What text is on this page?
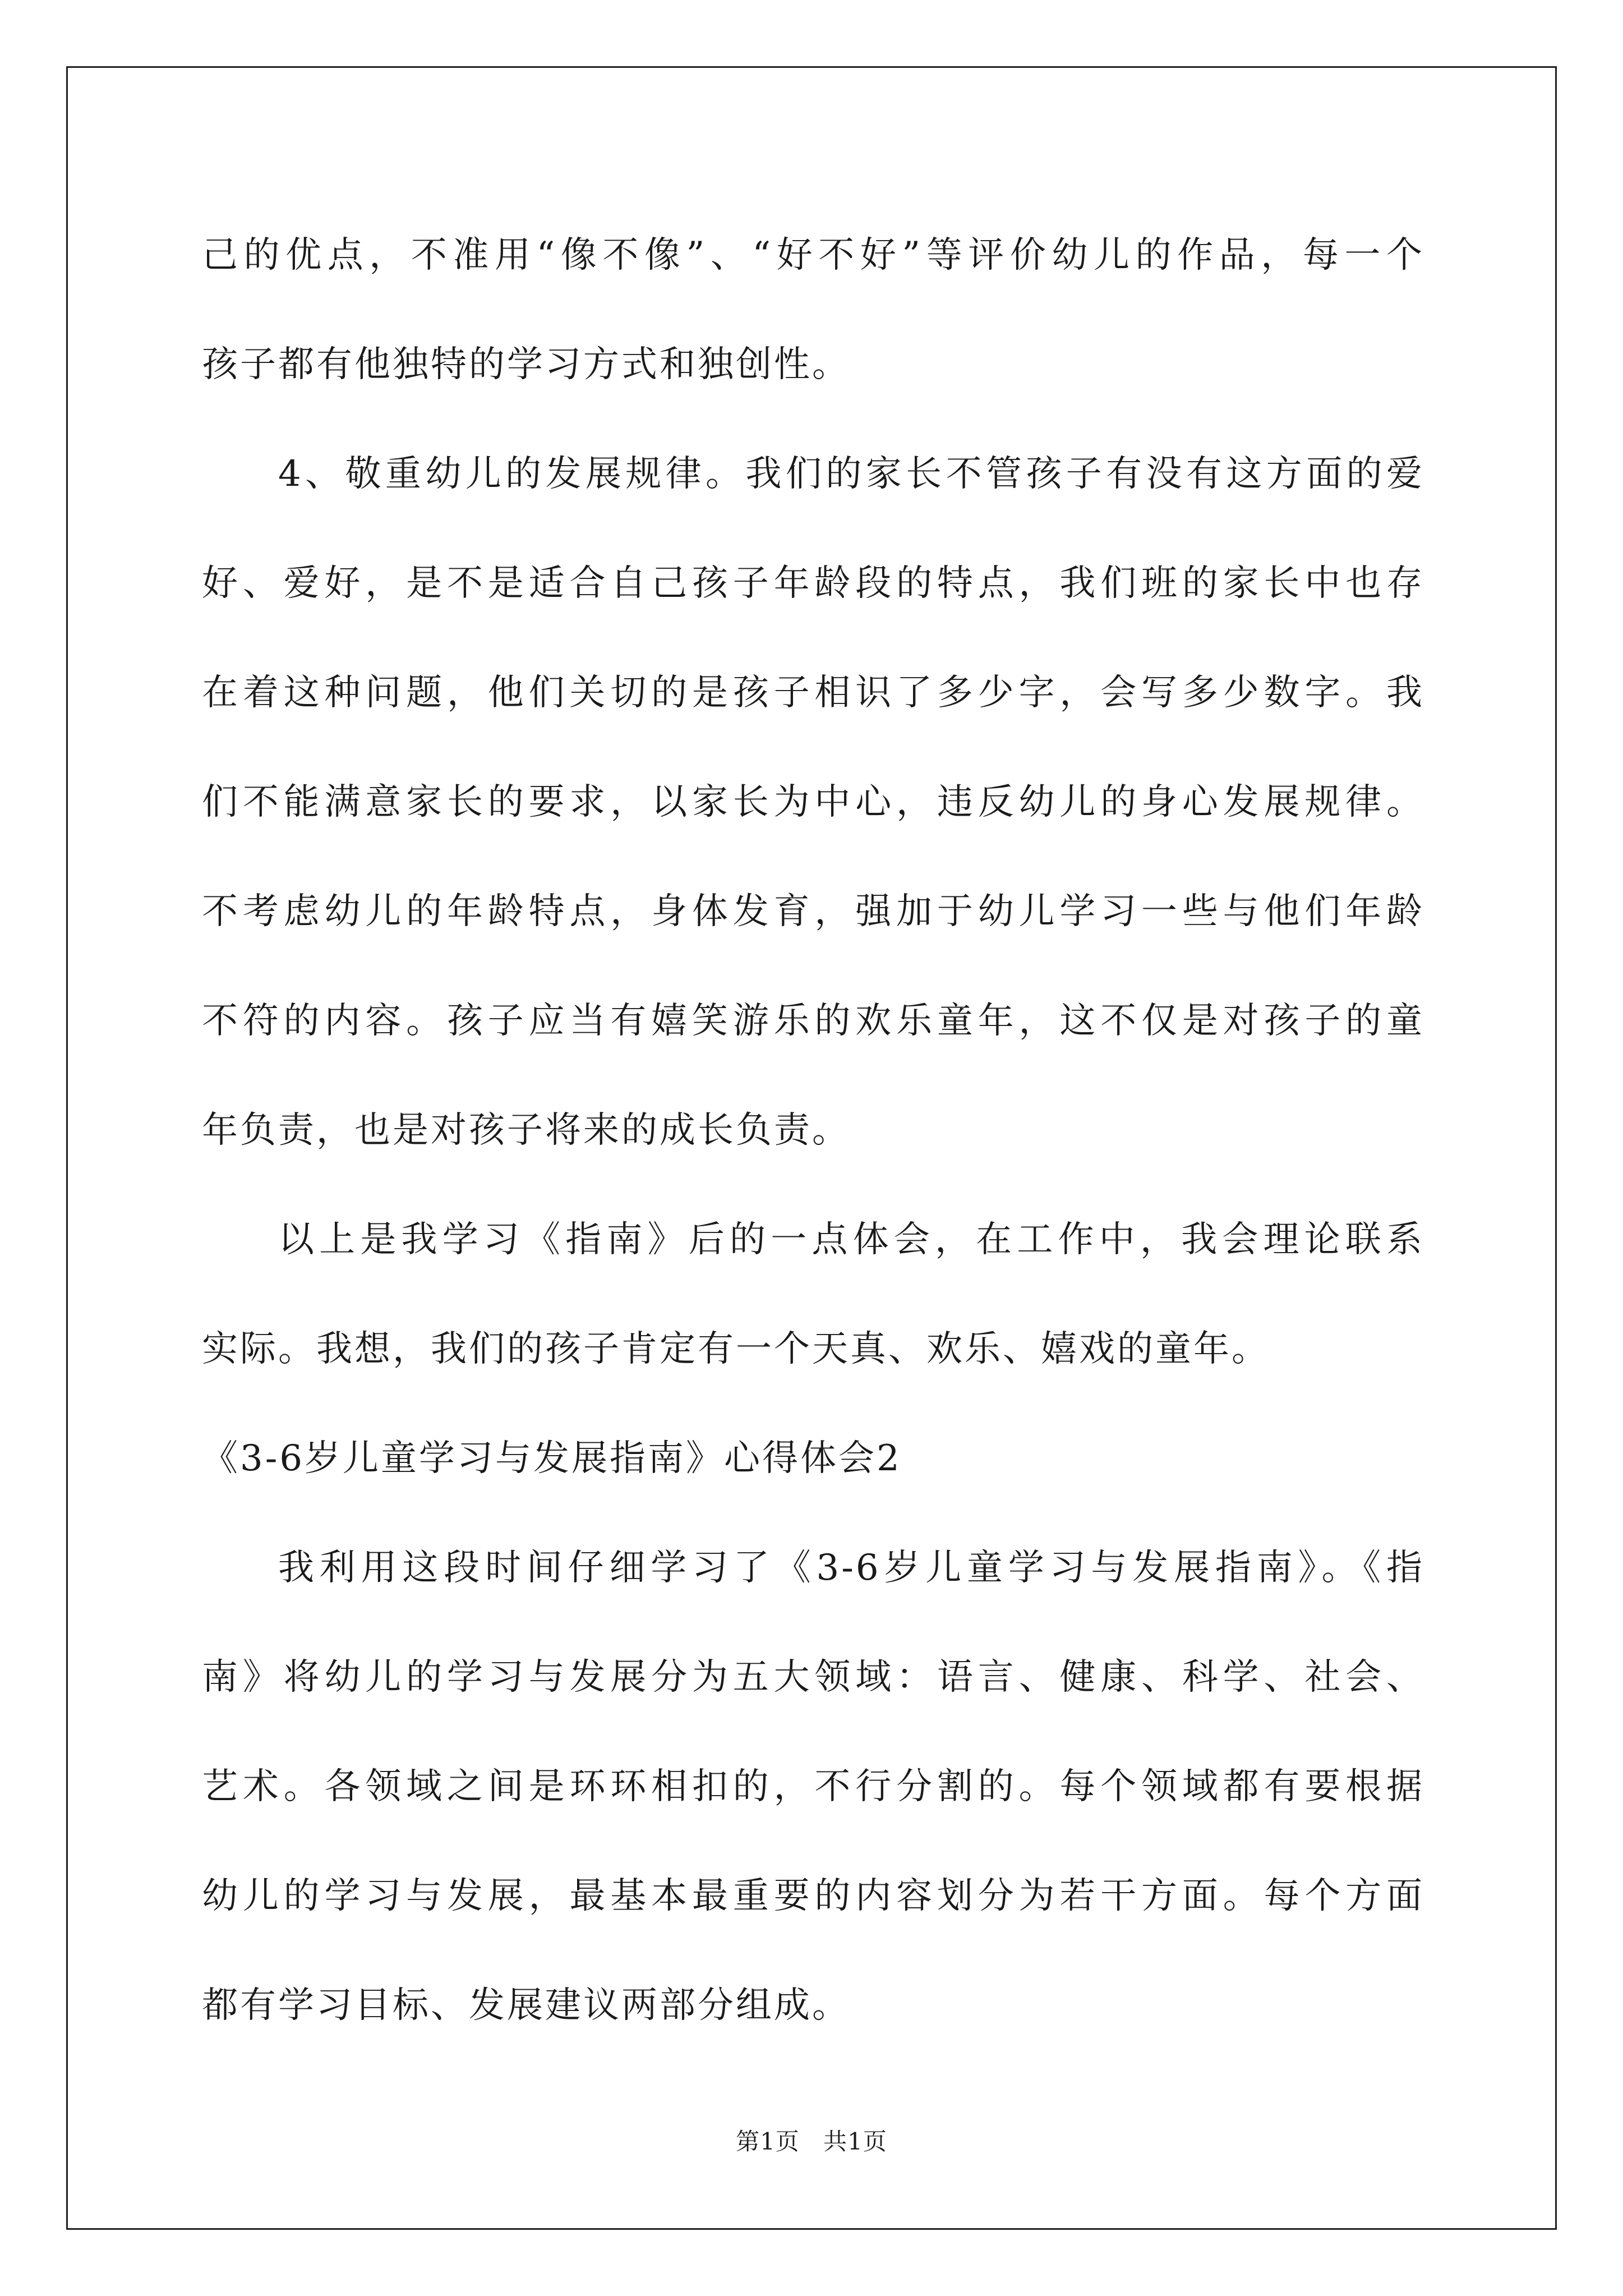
己的优点，不准用“像不像”、“好不好”等评价幼儿的作品，每一个
孩子都有他独特的学习方式和独创性。
4、敬重幼儿的发展规律。我们的家长不管孩子有没有这方面的爱
好、爱好，是不是适合自己孩子年龄段的特点，我们班的家长中也存
在着这种问题，他们关切的是孩子相识了多少字，会写多少数字。我
们不能满意家长的要求，以家长为中心，违反幼儿的身心发展规律。
不考虑幼儿的年龄特点，身体发育，强加于幼儿学习一些与他们年龄
不符的内容。孩子应当有嬉笑游乐的欢乐童年，这不仅是对孩子的童
年负责，也是对孩子将来的成长负责。
以上是我学习《指南》后的一点体会，在工作中，我会理论联系
实际。我想，我们的孩子肯定有一个天真、欢乐、嬉戏的童年。
《3-6岁儿童学习与发展指南》心得体会2
我利用这段时间仔细学习了《3-6岁儿童学习与发展指南》。《指
南》将幼儿的学习与发展分为五大领域：语言、健康、科学、社会、
艺术。各领域之间是环环相扣的，不行分割的。每个领域都有要根据
幼儿的学习与发展，最基本最重要的内容划分为若干方面。每个方面
都有学习目标、发展建议两部分组成。
第1页 共1页
